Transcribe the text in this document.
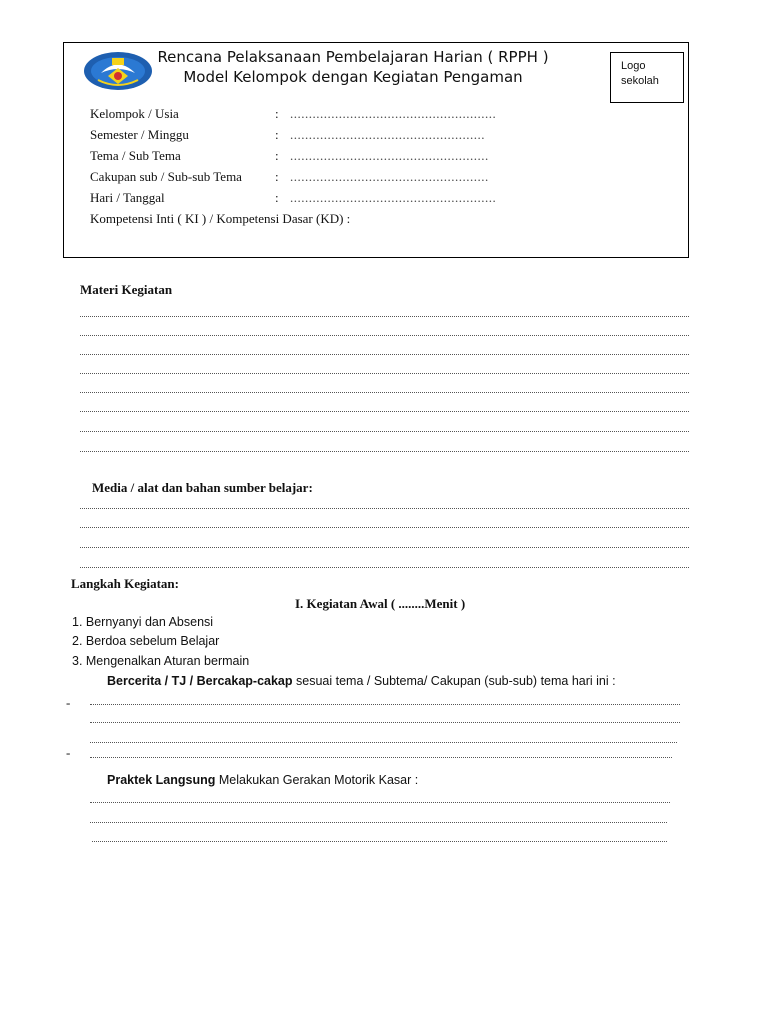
Rencana Pelaksanaan Pembelajaran Harian ( RPPH )
Model Kelompok dengan Kegiatan Pengaman
Logo
sekolah
Kelompok / Usia	: .......................................................
Semester / Minggu	: ....................................................
Tema / Sub Tema	: .....................................................
Cakupan sub / Sub-sub Tema	: .....................................................
Hari / Tanggal	: .......................................................
Kompetensi Inti ( KI ) / Kompetensi Dasar (KD) :
Materi Kegiatan
Media / alat dan bahan sumber belajar:
Langkah Kegiatan:
I. Kegiatan Awal ( ........Menit )
1. Bernyanyi dan Absensi
2. Berdoa sebelum Belajar
3. Mengenalkan Aturan bermain
Bercerita / TJ / Bercakap-cakap sesuai tema / Subtema/ Cakupan (sub-sub) tema hari ini :
-
-
Praktek Langsung Melakukan Gerakan Motorik Kasar :
